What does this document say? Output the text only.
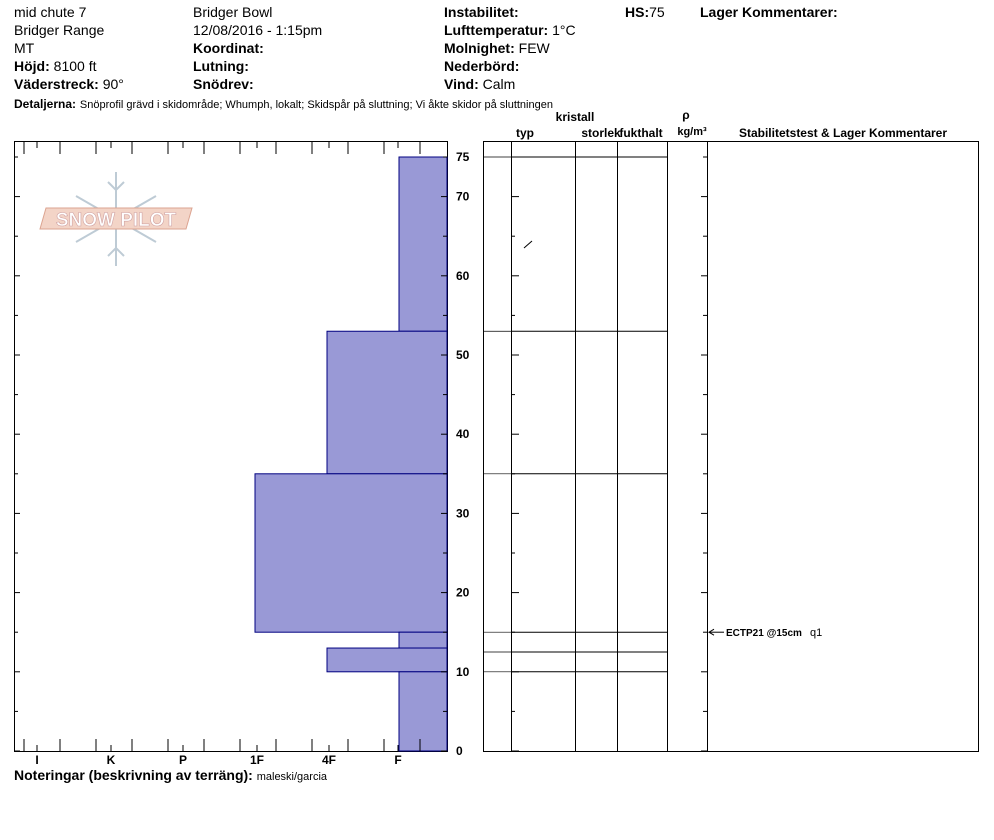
mid chute 7
Bridger Range
MT
Höjd: 8100 ft
Väderstreck: 90°
Bridger Bowl
12/08/2016 - 1:15pm
Koordinat:
Lutning:
Snödrev:
Instabilitet:
Lufttemperatur: 1°C
Molnighet: FEW
Nederbörd:
Vind: Calm
HS:75	Lager Kommentarer:
Detaljerna: Snöprofil grävd i skidområde; Whumph, lokalt; Skidspår på sluttning; Vi åkte skidor på sluttningen
SNOW PILOT
I	K	P	1F	4F	F
0
10
20
30
40
50
60
70
75
kristall
typ	storlek
fukthalt
ρ
kg/m³	Stabilitetstest & Lager Kommentarer
ECTP21 @15cm q1
Noteringar (beskrivning av terräng): maleski/garcia
